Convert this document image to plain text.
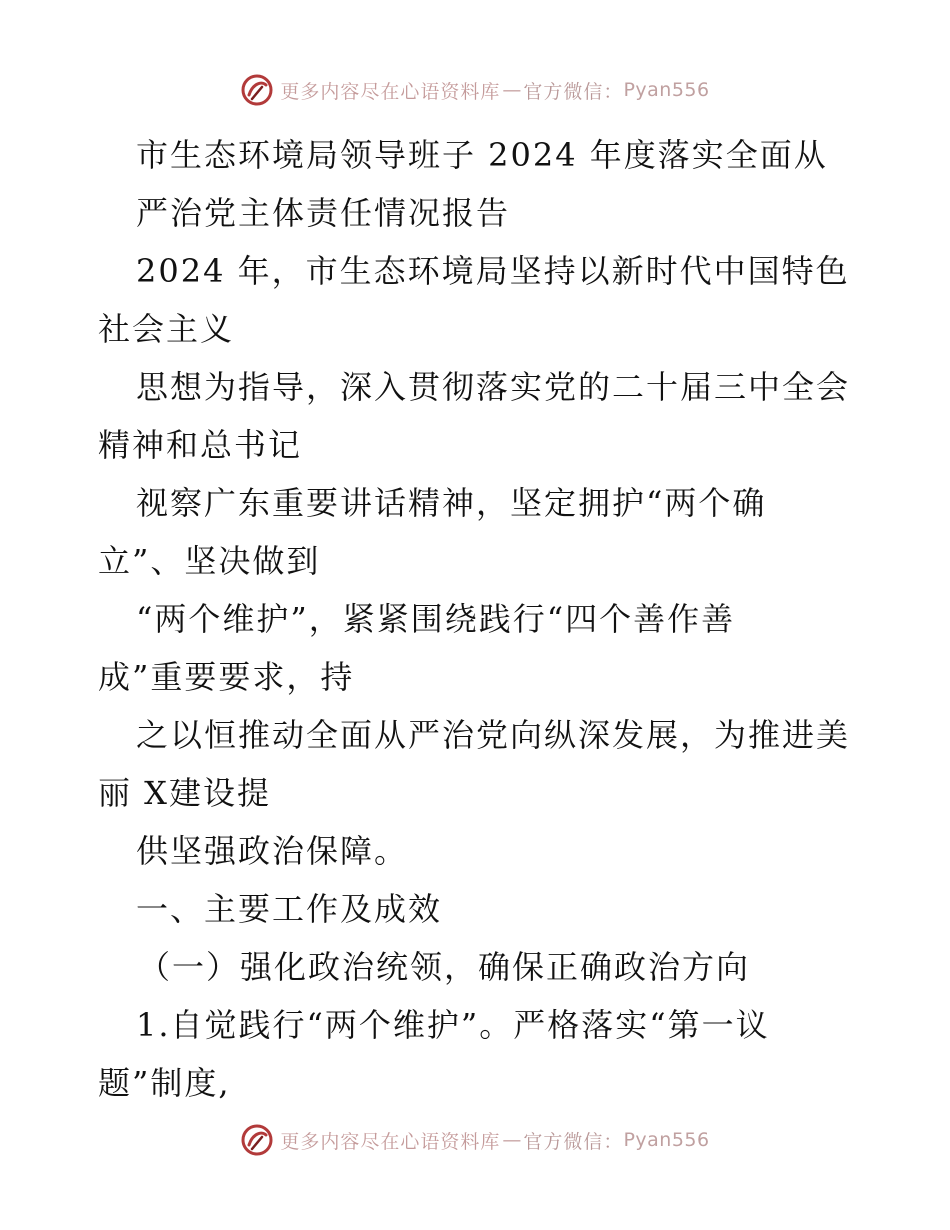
更多内容尽在心语资料库 — 官方微信： Pyan556
市生态环境局领导班子 2024 年度落实全面从
严治党主体责任情况报告
2024 年，市生态环境局坚持以新时代中国特色
社会主义
思想为指导，深入贯彻落实党的二十届三中全会
精神和总书记
视察广东重要讲话精神，坚定拥护“两个确
立”、坚决做到
“两个维护”，紧紧围绕践行“四个善作善
成”重要要求，持
之以恒推动全面从严治党向纵深发展，为推进美
丽 X建设提
供坚强政治保障。
一、主要工作及成效
（一）强化政治统领，确保正确政治方向
1.自觉践行“两个维护”。严格落实“第一议
题”制度,
更多内容尽在心语资料库 — 官方微信： Pyan556
